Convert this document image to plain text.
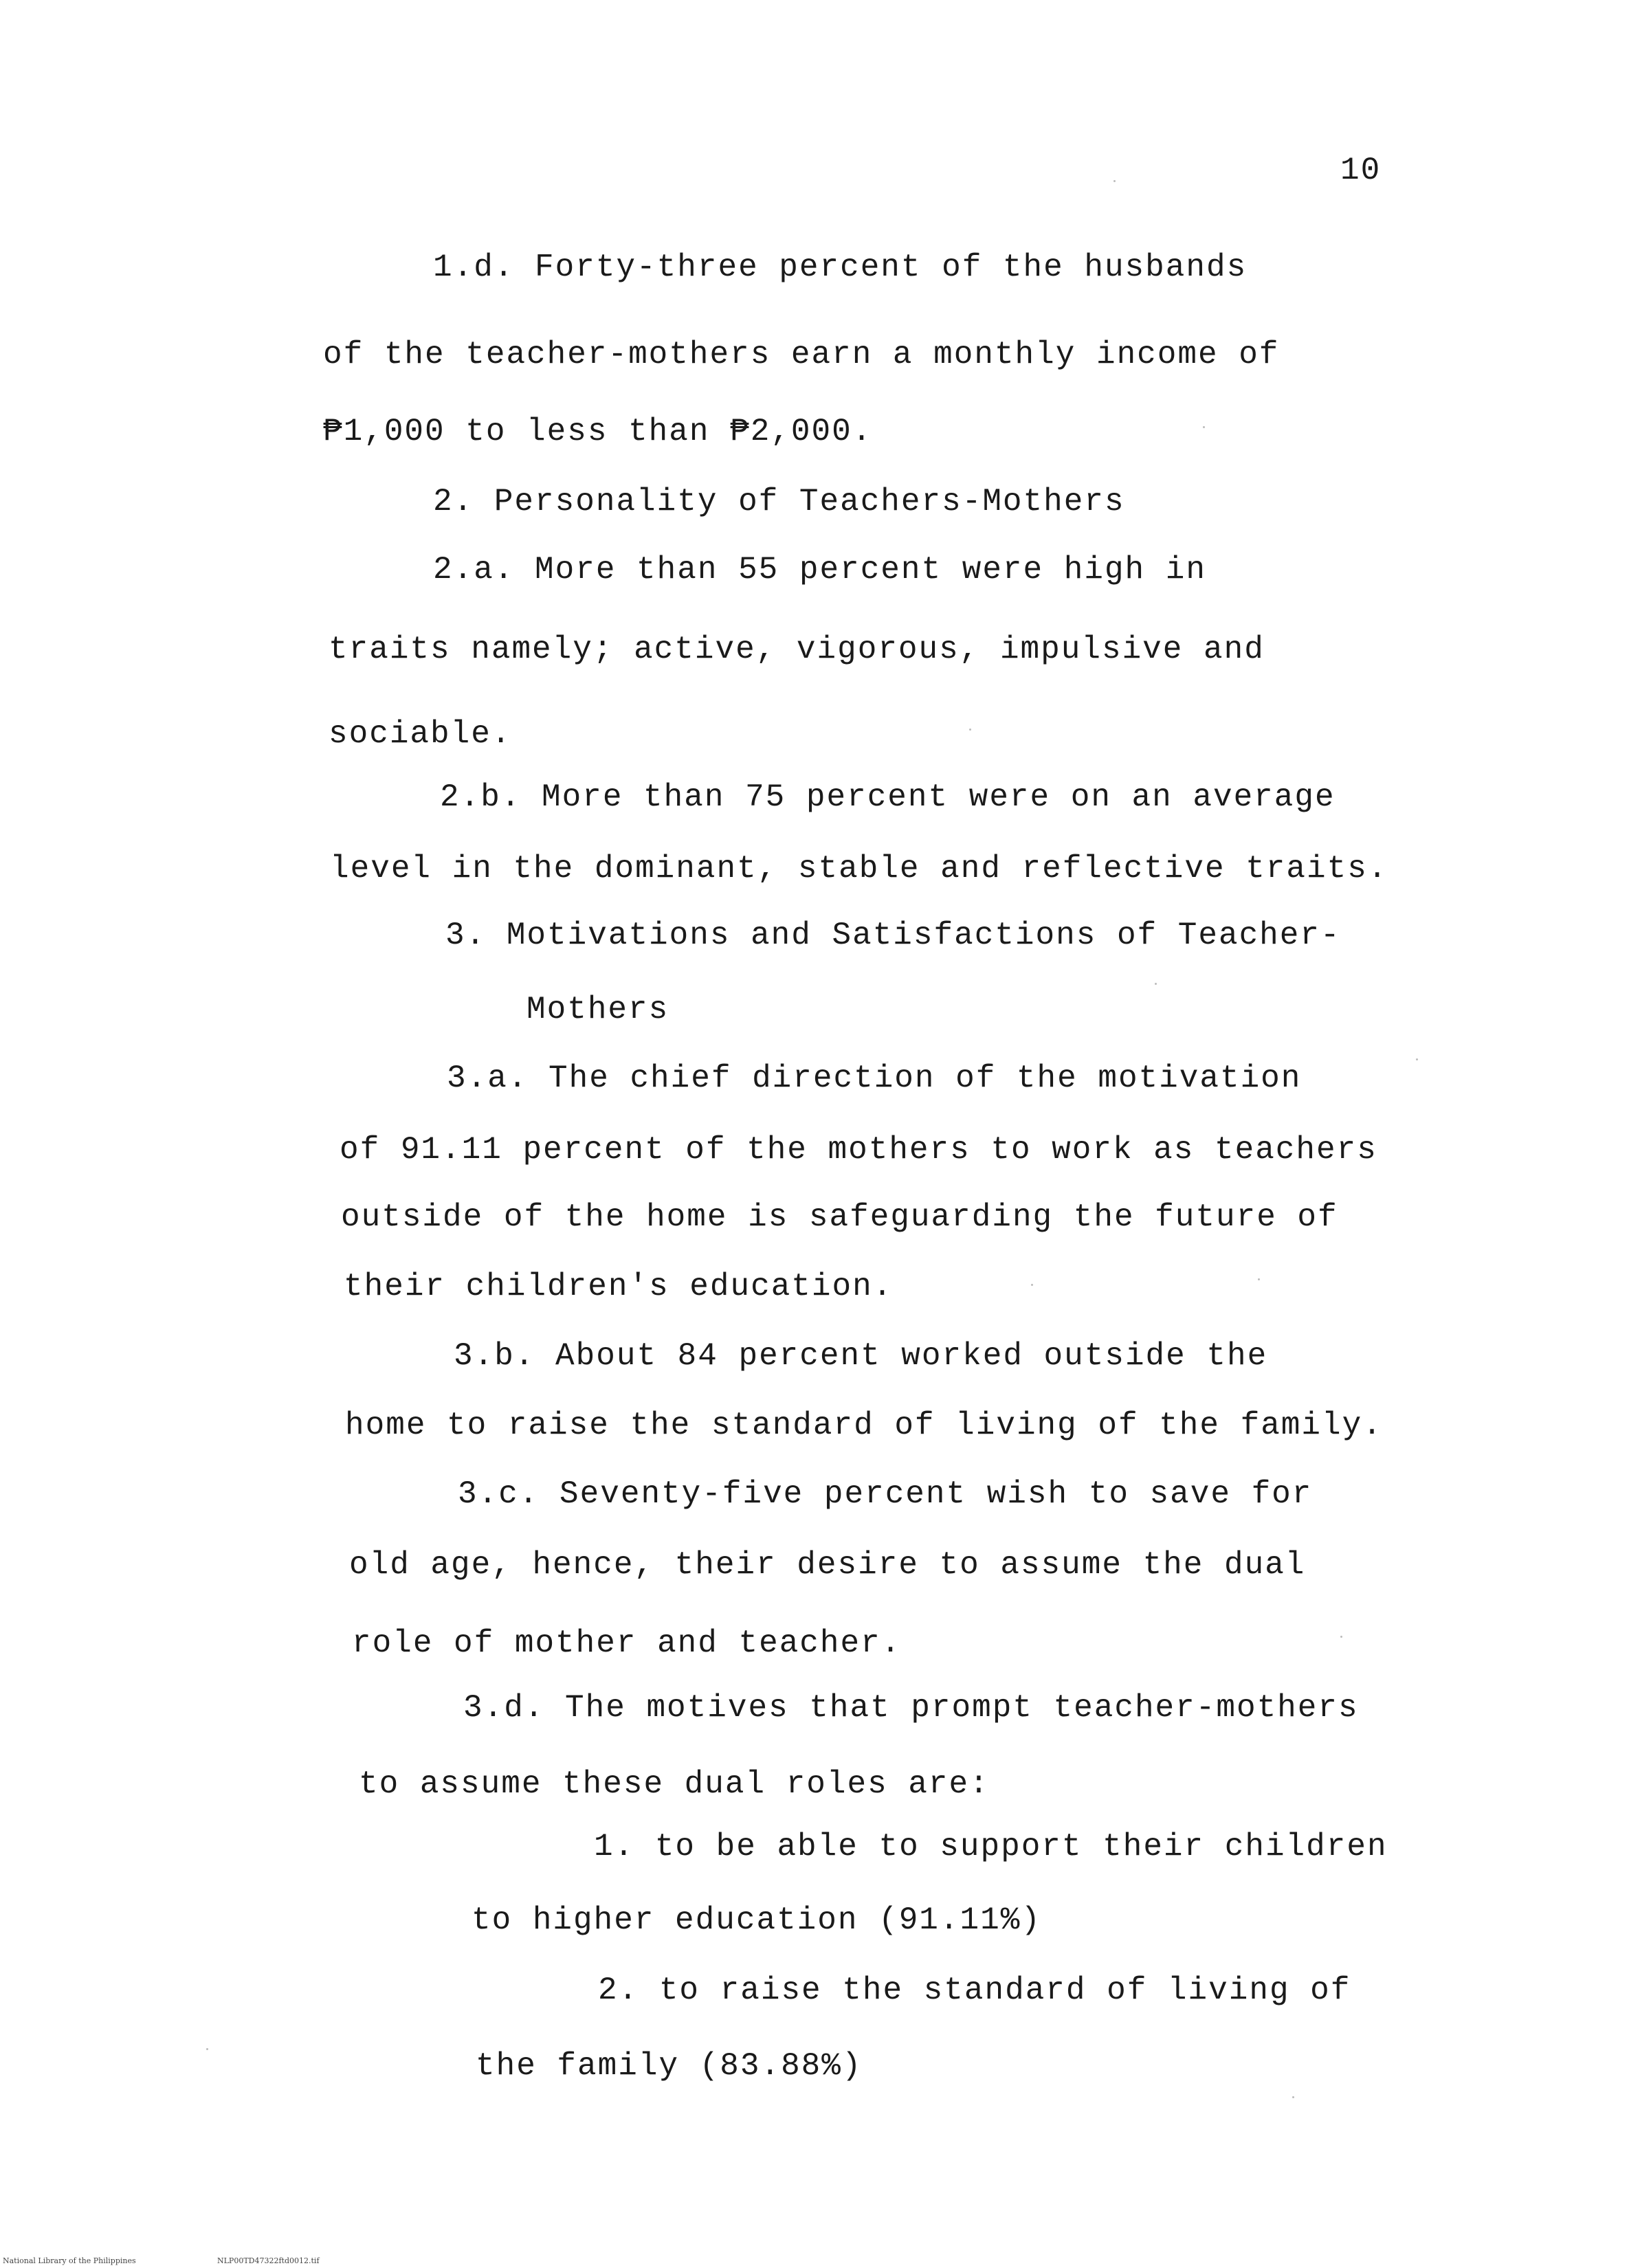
10
1.d. Forty-three percent of the husbands
of the teacher-mothers earn a monthly income of
₱1,000 to less than ₱2,000.
2. Personality of Teachers-Mothers
2.a. More than 55 percent were high in
traits namely; active, vigorous, impulsive and
sociable.
2.b. More than 75 percent were on an average
level in the dominant, stable and reflective traits.
3. Motivations and Satisfactions of Teacher-
Mothers
3.a. The chief direction of the motivation
of 91.11 percent of the mothers to work as teachers
outside of the home is safeguarding the future of
their children's education.
3.b. About 84 percent worked outside the
home to raise the standard of living of the family.
3.c. Seventy-five percent wish to save for
old age, hence, their desire to assume the dual
role of mother and teacher.
3.d. The motives that prompt teacher-mothers
to assume these dual roles are:
1. to be able to support their children
to higher education (91.11%)
2. to raise the standard of living of
the family (83.88%)
National Library of the Philippines	NLP00TD47322ftd0012.tif
